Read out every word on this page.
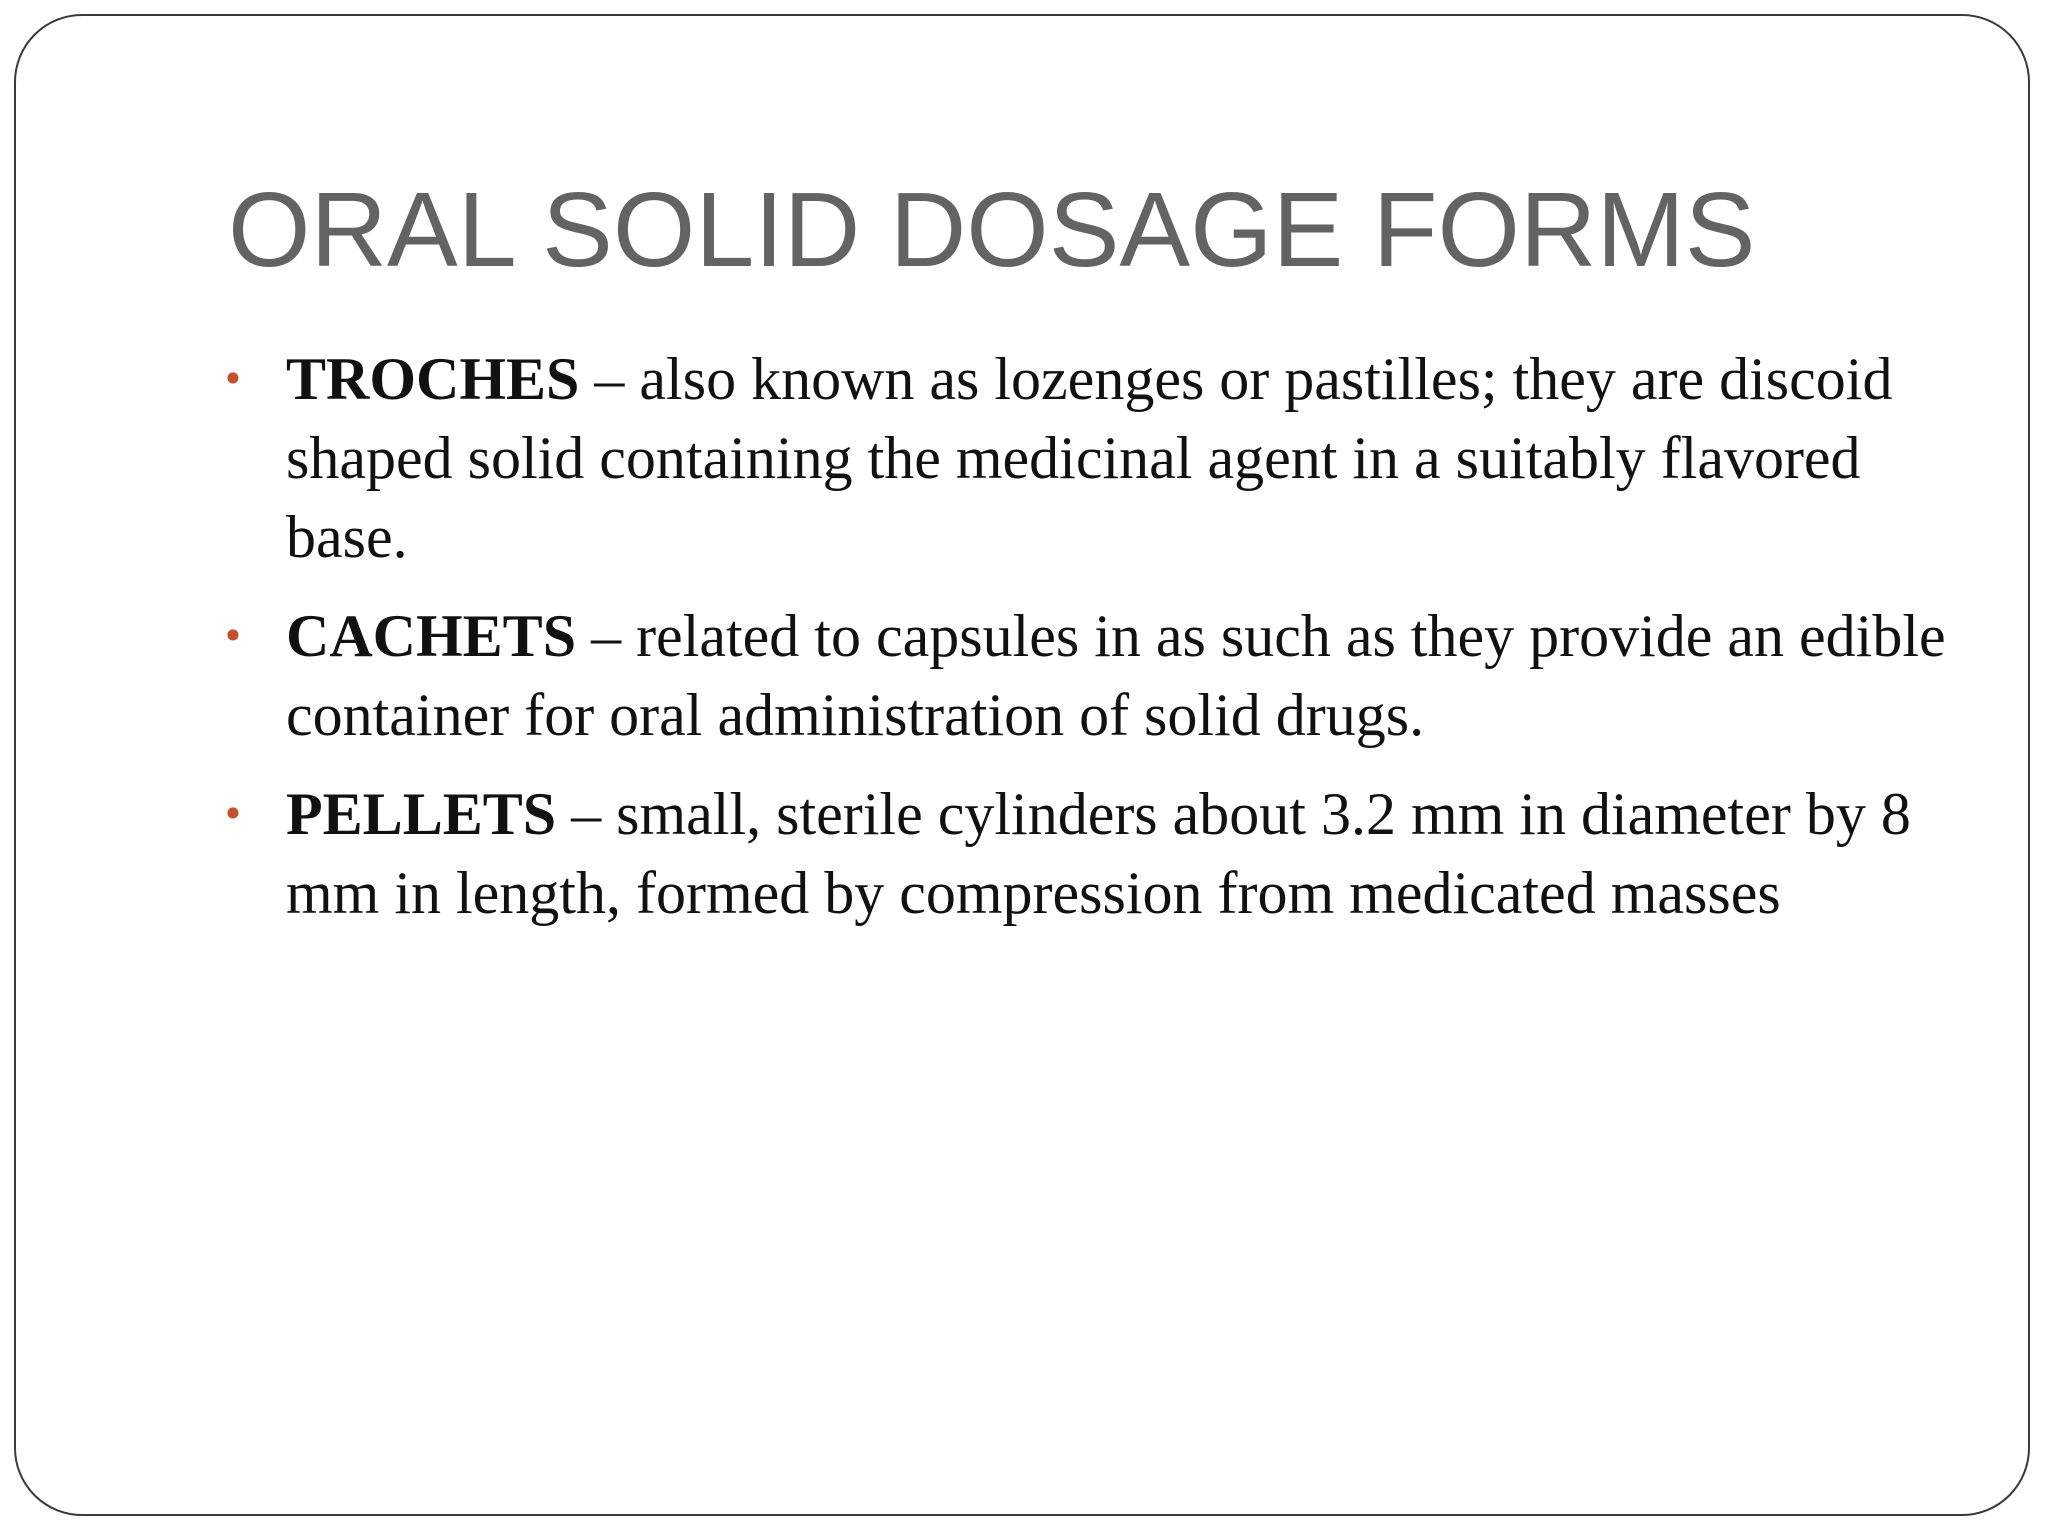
ORAL SOLID DOSAGE FORMS
• TROCHES – also known as lozenges or pastilles; they are discoid shaped solid containing the medicinal agent in a suitably flavored base.
• CACHETS – related to capsules in as such as they provide an edible container for oral administration of solid drugs.
• PELLETS – small, sterile cylinders about 3.2 mm in diameter by 8 mm in length, formed by compression from medicated masses
